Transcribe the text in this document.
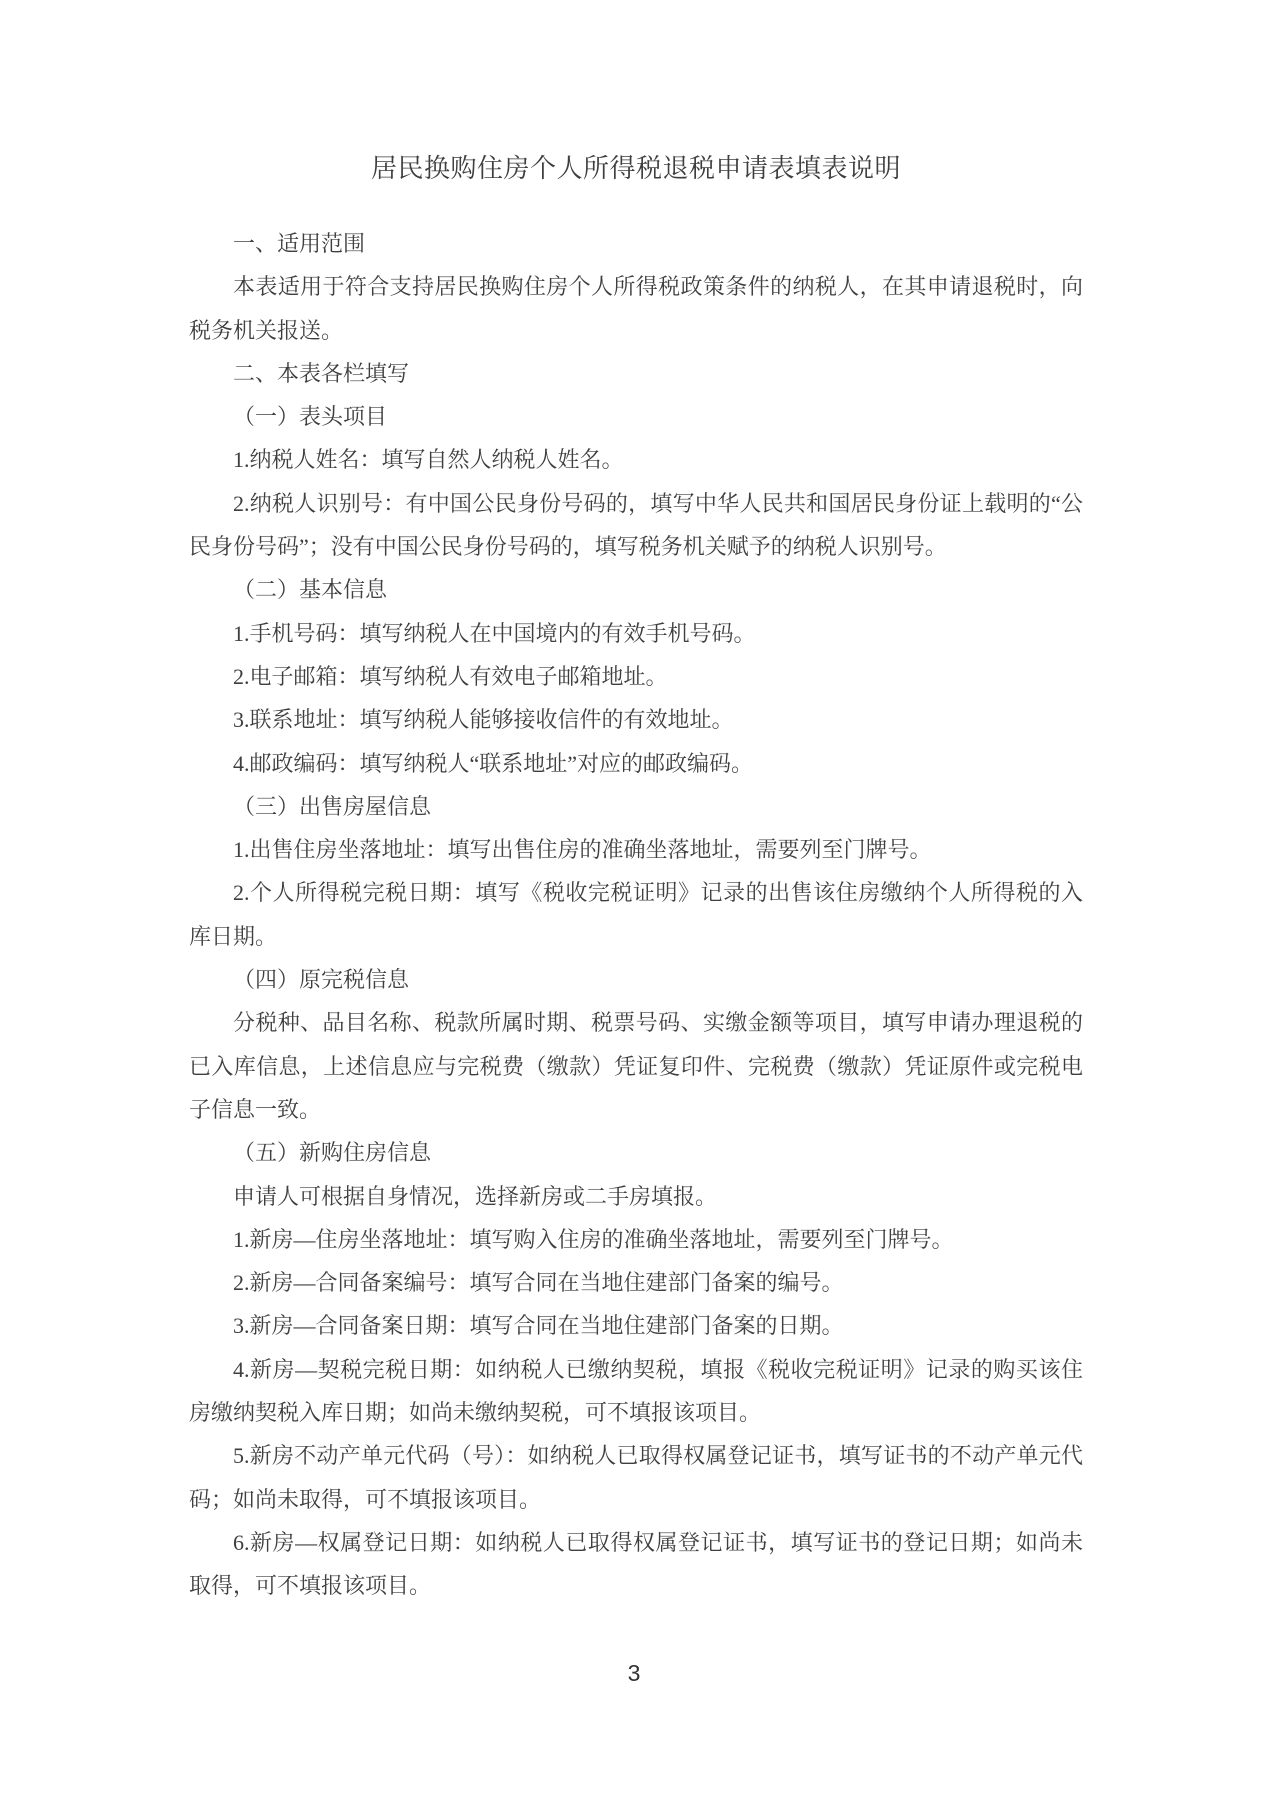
居民换购住房个人所得税退税申请表填表说明

一、适用范围

本表适用于符合支持居民换购住房个人所得税政策条件的纳税人，在其申请退税时，向税务机关报送。

二、本表各栏填写

（一）表头项目

1.纳税人姓名：填写自然人纳税人姓名。

2.纳税人识别号：有中国公民身份号码的，填写中华人民共和国居民身份证上载明的“公民身份号码”；没有中国公民身份号码的，填写税务机关赋予的纳税人识别号。

（二）基本信息

1.手机号码：填写纳税人在中国境内的有效手机号码。

2.电子邮箱：填写纳税人有效电子邮箱地址。

3.联系地址：填写纳税人能够接收信件的有效地址。

4.邮政编码：填写纳税人“联系地址”对应的邮政编码。

（三）出售房屋信息

1.出售住房坐落地址：填写出售住房的准确坐落地址，需要列至门牌号。

2.个人所得税完税日期：填写《税收完税证明》记录的出售该住房缴纳个人所得税的入库日期。

（四）原完税信息

分税种、品目名称、税款所属时期、税票号码、实缴金额等项目，填写申请办理退税的已入库信息，上述信息应与完税费（缴款）凭证复印件、完税费（缴款）凭证原件或完税电子信息一致。

（五）新购住房信息

申请人可根据自身情况，选择新房或二手房填报。

1.新房—住房坐落地址：填写购入住房的准确坐落地址，需要列至门牌号。

2.新房—合同备案编号：填写合同在当地住建部门备案的编号。

3.新房—合同备案日期：填写合同在当地住建部门备案的日期。

4.新房—契税完税日期：如纳税人已缴纳契税，填报《税收完税证明》记录的购买该住房缴纳契税入库日期；如尚未缴纳契税，可不填报该项目。

5.新房不动产单元代码（号）：如纳税人已取得权属登记证书，填写证书的不动产单元代码；如尚未取得，可不填报该项目。

6.新房—权属登记日期：如纳税人已取得权属登记证书，填写证书的登记日期；如尚未取得，可不填报该项目。

3
